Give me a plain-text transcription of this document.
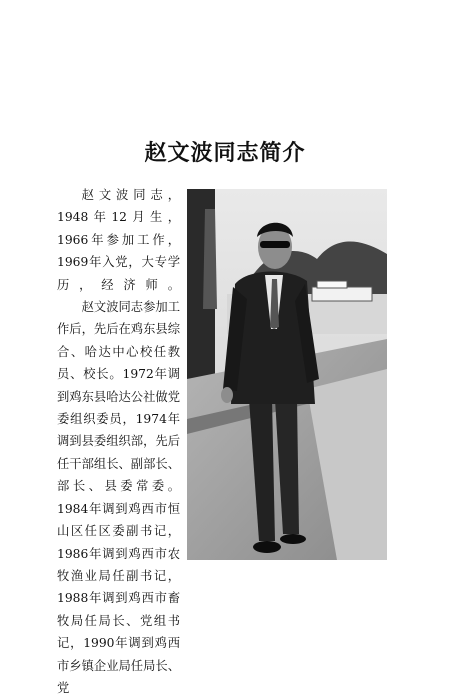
赵文波同志简介
赵文波同志，1948年12月生，1966年参加工作，1969年入党，大专学历，经济师。
赵文波同志参加工作后，先后在鸡东县综合、哈达中心校任教员、校长。1972年调到鸡东县哈达公社做党委组织委员，1974年调到县委组织部，先后任干部组长、副部长、部长、县委常委。1984年调到鸡西市恒山区任区委副书记，1986年调到鸡西市农牧渔业局任副书记，1988年调到鸡西市畜牧局任局长、党组书记，1990年调到鸡西市乡镇企业局任局长、党
